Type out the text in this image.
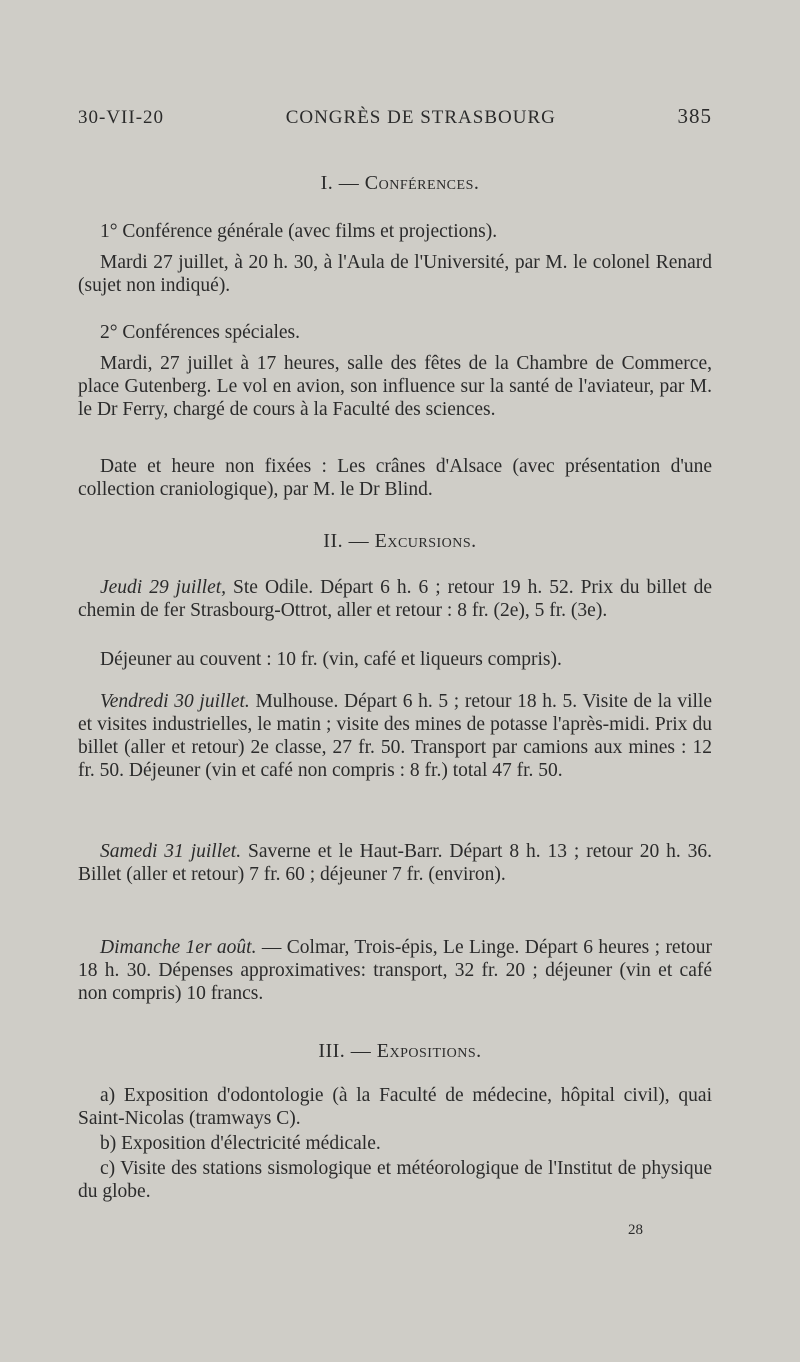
30-VII-20	CONGRÈS DE STRASBOURG	385
I. — Conférences.
1° Conférence générale (avec films et projections).
Mardi 27 juillet, à 20 h. 30, à l'Aula de l'Université, par M. le colonel Renard (sujet non indiqué).
2° Conférences spéciales.
Mardi, 27 juillet à 17 heures, salle des fêtes de la Chambre de Commerce, place Gutenberg. Le vol en avion, son influence sur la santé de l'aviateur, par M. le Dr Ferry, chargé de cours à la Faculté des sciences.
Date et heure non fixées : Les crânes d'Alsace (avec présentation d'une collection craniologique), par M. le Dr Blind.
II. — Excursions.
Jeudi 29 juillet, Ste Odile. Départ 6 h. 6 ; retour 19 h. 52. Prix du billet de chemin de fer Strasbourg-Ottrot, aller et retour : 8 fr. (2e), 5 fr. (3e).
Déjeuner au couvent : 10 fr. (vin, café et liqueurs compris).
Vendredi 30 juillet. Mulhouse. Départ 6 h. 5 ; retour 18 h. 5. Visite de la ville et visites industrielles, le matin ; visite des mines de potasse l'après-midi. Prix du billet (aller et retour) 2e classe, 27 fr. 50. Transport par camions aux mines : 12 fr. 50. Déjeuner (vin et café non compris : 8 fr.) total 47 fr. 50.
Samedi 31 juillet. Saverne et le Haut-Barr. Départ 8 h. 13 ; retour 20 h. 36. Billet (aller et retour) 7 fr. 60 ; déjeuner 7 fr. (environ).
Dimanche 1er août. — Colmar, Trois-épis, Le Linge. Départ 6 heures ; retour 18 h. 30. Dépenses approximatives: transport, 32 fr. 20 ; déjeuner (vin et café non compris) 10 francs.
III. — Expositions.
a) Exposition d'odontologie (à la Faculté de médecine, hôpital civil), quai Saint-Nicolas (tramways C).
b) Exposition d'électricité médicale.
c) Visite des stations sismologique et météorologique de l'Institut de physique du globe.
28
